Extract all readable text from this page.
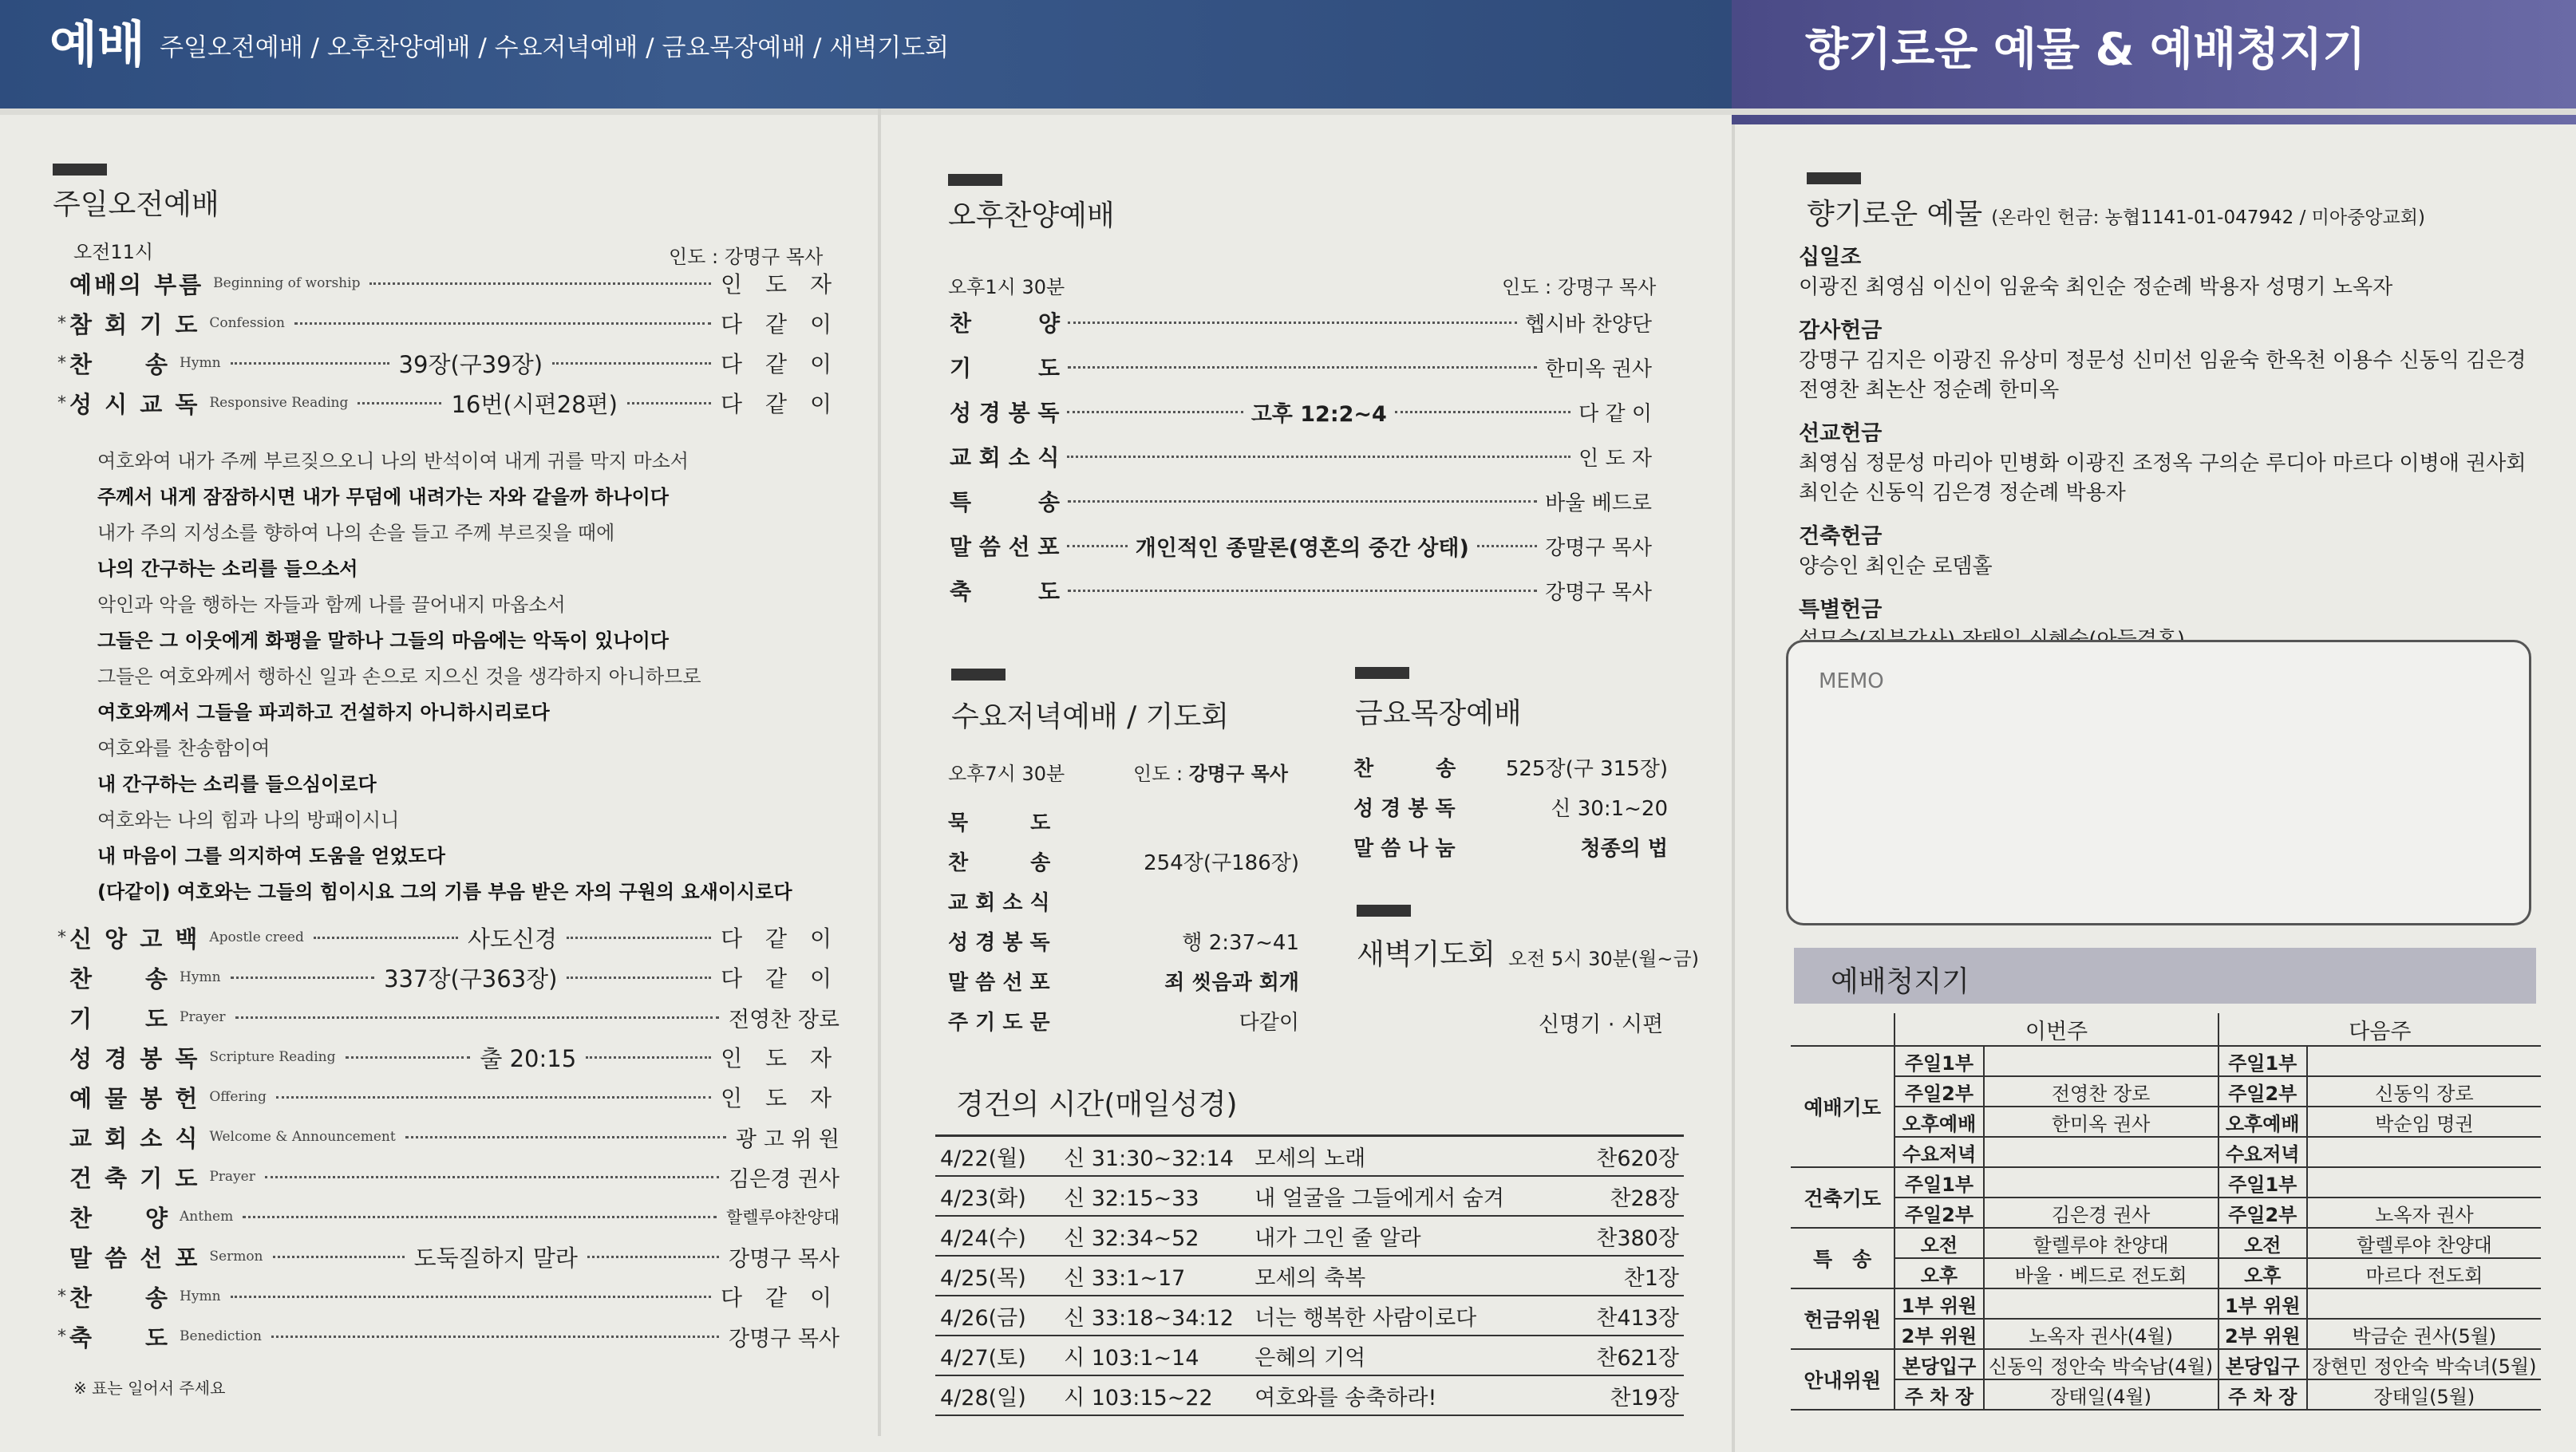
예배 주일오전예배 / 오후찬양예배 / 수요저녁예배 / 금요목장예배 / 새벽기도회	향기로운 예물 & 예배청지기
주일오전예배
오전11시	인도 : 강명구 목사
예배의 부름 Beginning of worship	인 도 자
* 참 회 기 도 Confession	다 같 이
* 찬　　송 Hymn	39장(구39장)	다 같 이
* 성 시 교 독 Responsive Reading	16번(시편28편)	다 같 이
여호와여 내가 주께 부르짖으오니 나의 반석이여 내게 귀를 막지 마소서
주께서 내게 잠잠하시면 내가 무덤에 내려가는 자와 같을까 하나이다
내가 주의 지성소를 향하여 나의 손을 들고 주께 부르짖을 때에
나의 간구하는 소리를 들으소서
악인과 악을 행하는 자들과 함께 나를 끌어내지 마옵소서
그들은 그 이웃에게 화평을 말하나 그들의 마음에는 악독이 있나이다
그들은 여호와께서 행하신 일과 손으로 지으신 것을 생각하지 아니하므로
여호와께서 그들을 파괴하고 건설하지 아니하시리로다
여호와를 찬송함이여
내 간구하는 소리를 들으심이로다
여호와는 나의 힘과 나의 방패이시니
내 마음이 그를 의지하여 도움을 얻었도다
(다같이) 여호와는 그들의 힘이시요 그의 기름 부음 받은 자의 구원의 요새이시로다
* 신 앙 고 백 Apostle creed	사도신경	다 같 이
찬　　송 Hymn	337장(구363장)	다 같 이
기　　도 Prayer	전영찬 장로
성 경 봉 독 Scripture Reading	출 20:15	인 도 자
예 물 봉 헌 Offering	인 도 자
교 회 소 식 Welcome & Announcement	광 고 위 원
건 축 기 도 Prayer	김은경 권사
찬　　양 Anthem	할렐루야찬양대
말 씀 선 포 Sermon	도둑질하지 말라	강명구 목사
* 찬　　송 Hymn	다 같 이
* 축　　도 Benediction	강명구 목사
※ 표는 일어서 주세요
오후찬양예배
오후1시 30분	인도 : 강명구 목사
찬　　　양	헵시바 찬양단
기　　　도	한미옥 권사
성 경 봉 독	고후 12:2~4	다 같 이
교 회 소 식	인 도 자
특　　　송	바울 베드로
말 씀 선 포	개인적인 종말론(영혼의 중간 상태)	강명구 목사
축　　　도	강명구 목사
수요저녁예배 / 기도회
오후7시 30분	인도 : 강명구 목사
묵　　　도
찬　　　송	254장(구186장)
교 회 소 식
성 경 봉 독	행 2:37~41
말 씀 선 포	죄 씻음과 회개
주 기 도 문	다같이
금요목장예배
찬　　　송 525장(구 315장)
성 경 봉 독	신 30:1~20
말 씀 나 눔	청종의 법
새벽기도회 오전 5시 30분(월~금)
신명기 · 시편
경건의 시간(매일성경)
4/22(월)	신 31:30~32:14	모세의 노래	찬620장
4/23(화)	신 32:15~33	내 얼굴을 그들에게서 숨겨	찬28장
4/24(수)	신 32:34~52	내가 그인 줄 알라	찬380장
4/25(목)	신 33:1~17	모세의 축복	찬1장
4/26(금)	신 33:18~34:12	너는 행복한 사람이로다	찬413장
4/27(토)	시 103:1~14	은혜의 기억	찬621장
4/28(일)	시 103:15~22	여호와를 송축하라!	찬19장
향기로운 예물 (온라인 헌금: 농협1141-01-047942 / 미아중앙교회)
십일조
이광진 최영심 이신이 임윤숙 최인순 정순례 박용자 성명기 노옥자
감사헌금
강명구 김지은 이광진 유상미 정문성 신미선 임윤숙 한옥천 이용수 신동익 김은경
전영찬 최논산 정순례 한미옥
선교헌금
최영심 정문성 마리아 민병화 이광진 조정옥 구의순 루디아 마르다 이병애 권사회
최인순 신동익 김은경 정순례 박용자
건축헌금
양승인 최인순 로뎀홀
특별헌금
MEMO
예배청지기
	이번주		다음주	
예배기도	주일1부		주일1부	
	주일2부	전영찬 장로	주일2부	신동익 장로
	오후예배	한미옥 권사	오후예배	박순임 명권
	수요저녁		수요저녁	
건축기도	주일1부		주일1부	
	주일2부	김은경 권사	주일2부	노옥자 권사
특　송	오전	할렐루야 찬양대	오전	할렐루야 찬양대
	오후	바울 · 베드로 전도회	오후	마르다 전도회
헌금위원	1부 위원		1부 위원	
	2부 위원	노옥자 권사(4월)	2부 위원	박금순 권사(5월)
안내위원	본당입구	신동익 정안숙 박숙남(4월)	본당입구	장현민 정안숙 박숙녀(5월)
	주 차 장	장태일(4월)	주 차 장	장태일(5월)
